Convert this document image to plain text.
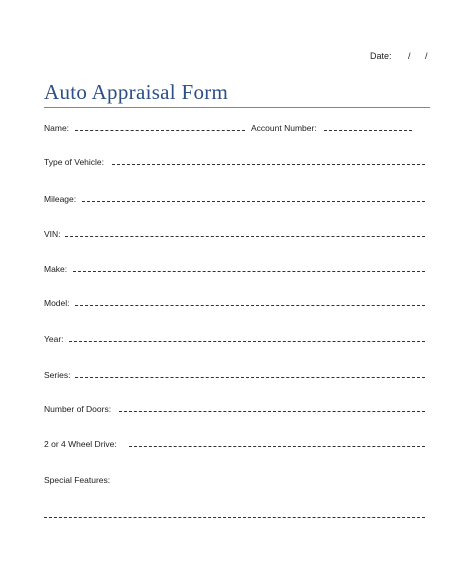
Date: / /
Auto Appraisal Form
Name:	Account Number:
Type of Vehicle:
Mileage:
VIN:
Make:
Model:
Year:
Series:
Number of Doors:
2 or 4 Wheel Drive:
Special Features:
